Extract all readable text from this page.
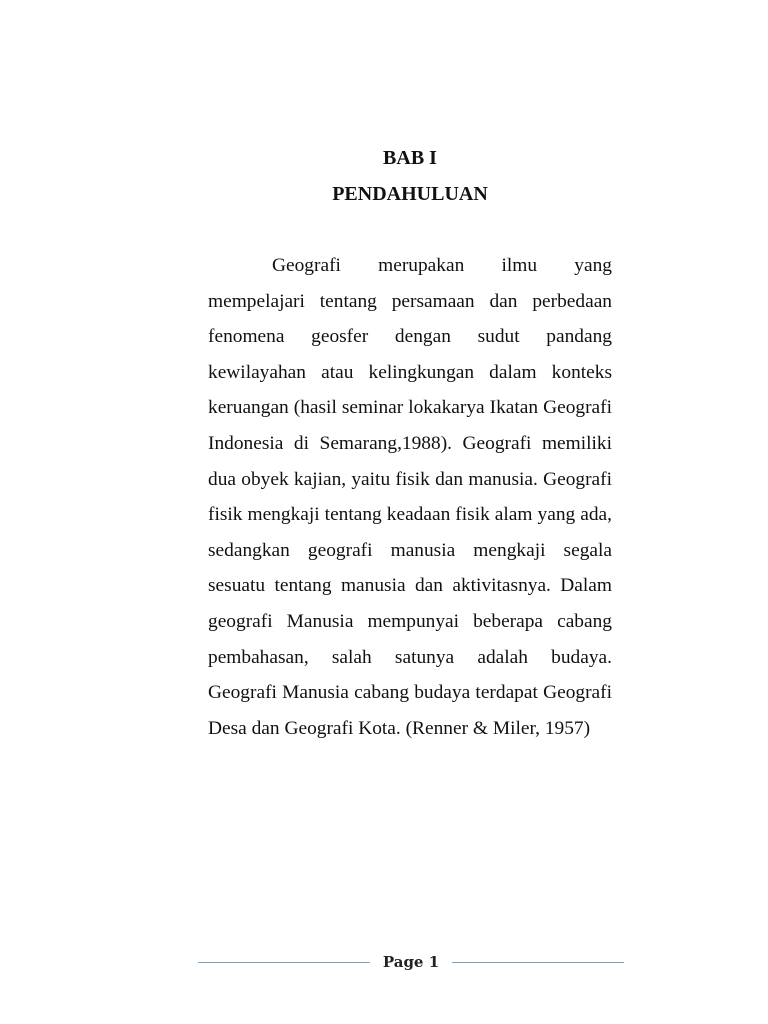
BAB I
PENDAHULUAN

Geografi merupakan ilmu yang mempelajari tentang persamaan dan perbedaan fenomena geosfer dengan sudut pandang kewilayahan atau kelingkungan dalam konteks keruangan (hasil seminar lokakarya Ikatan Geografi Indonesia di Semarang,1988). Geografi memiliki dua obyek kajian, yaitu fisik dan manusia. Geografi fisik mengkaji tentang keadaan fisik alam yang ada, sedangkan geografi manusia mengkaji segala sesuatu tentang manusia dan aktivitasnya. Dalam geografi Manusia mempunyai beberapa cabang pembahasan, salah satunya adalah budaya. Geografi Manusia cabang budaya terdapat Geografi Desa dan Geografi Kota. (Renner & Miler, 1957)

Page 1
